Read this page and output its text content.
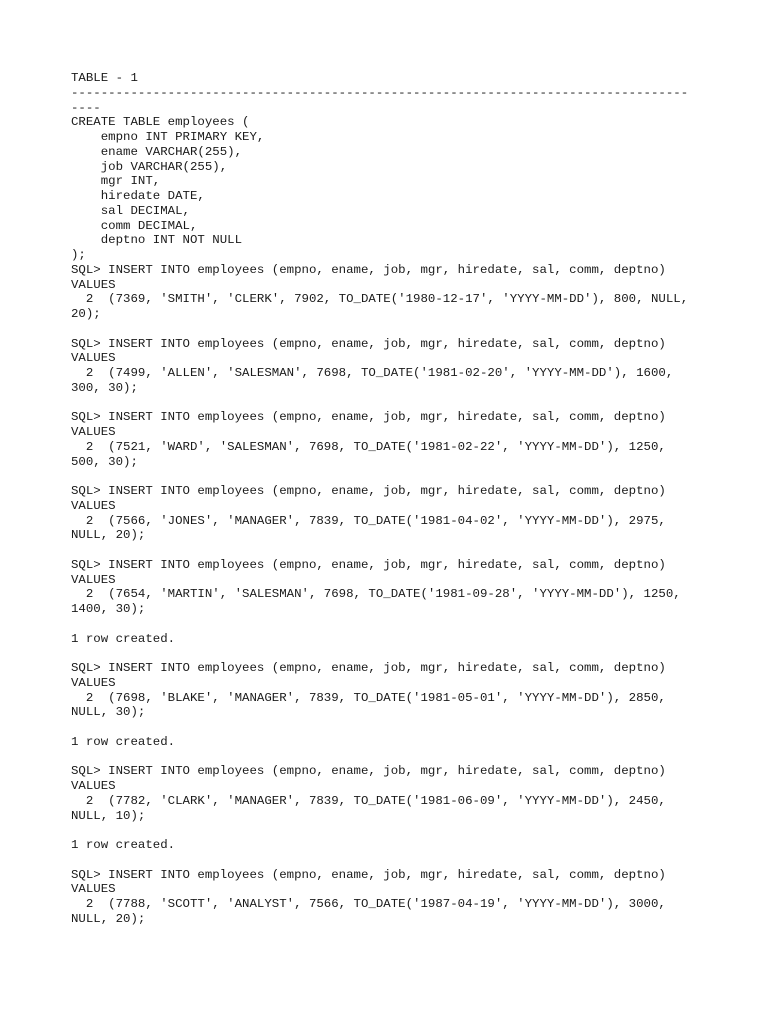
TABLE - 1
-----------------------------------------------------------------------------------
----
CREATE TABLE employees (
empno INT PRIMARY KEY,
ename VARCHAR(255),
job VARCHAR(255),
mgr INT,
hiredate DATE,
sal DECIMAL,
comm DECIMAL,
deptno INT NOT NULL
);
SQL> INSERT INTO employees (empno, ename, job, mgr, hiredate, sal, comm, deptno)
VALUES
2  (7369, 'SMITH', 'CLERK', 7902, TO_DATE('1980-12-17', 'YYYY-MM-DD'), 800, NULL,
20);
SQL> INSERT INTO employees (empno, ename, job, mgr, hiredate, sal, comm, deptno)
VALUES
2  (7499, 'ALLEN', 'SALESMAN', 7698, TO_DATE('1981-02-20', 'YYYY-MM-DD'), 1600,
300, 30);
SQL> INSERT INTO employees (empno, ename, job, mgr, hiredate, sal, comm, deptno)
VALUES
2  (7521, 'WARD', 'SALESMAN', 7698, TO_DATE('1981-02-22', 'YYYY-MM-DD'), 1250,
500, 30);
SQL> INSERT INTO employees (empno, ename, job, mgr, hiredate, sal, comm, deptno)
VALUES
2  (7566, 'JONES', 'MANAGER', 7839, TO_DATE('1981-04-02', 'YYYY-MM-DD'), 2975,
NULL, 20);
SQL> INSERT INTO employees (empno, ename, job, mgr, hiredate, sal, comm, deptno)
VALUES
2  (7654, 'MARTIN', 'SALESMAN', 7698, TO_DATE('1981-09-28', 'YYYY-MM-DD'), 1250,
1400, 30);
1 row created.
SQL> INSERT INTO employees (empno, ename, job, mgr, hiredate, sal, comm, deptno)
VALUES
2  (7698, 'BLAKE', 'MANAGER', 7839, TO_DATE('1981-05-01', 'YYYY-MM-DD'), 2850,
NULL, 30);
1 row created.
SQL> INSERT INTO employees (empno, ename, job, mgr, hiredate, sal, comm, deptno)
VALUES
2  (7782, 'CLARK', 'MANAGER', 7839, TO_DATE('1981-06-09', 'YYYY-MM-DD'), 2450,
NULL, 10);
1 row created.
SQL> INSERT INTO employees (empno, ename, job, mgr, hiredate, sal, comm, deptno)
VALUES
2  (7788, 'SCOTT', 'ANALYST', 7566, TO_DATE('1987-04-19', 'YYYY-MM-DD'), 3000,
NULL, 20);
